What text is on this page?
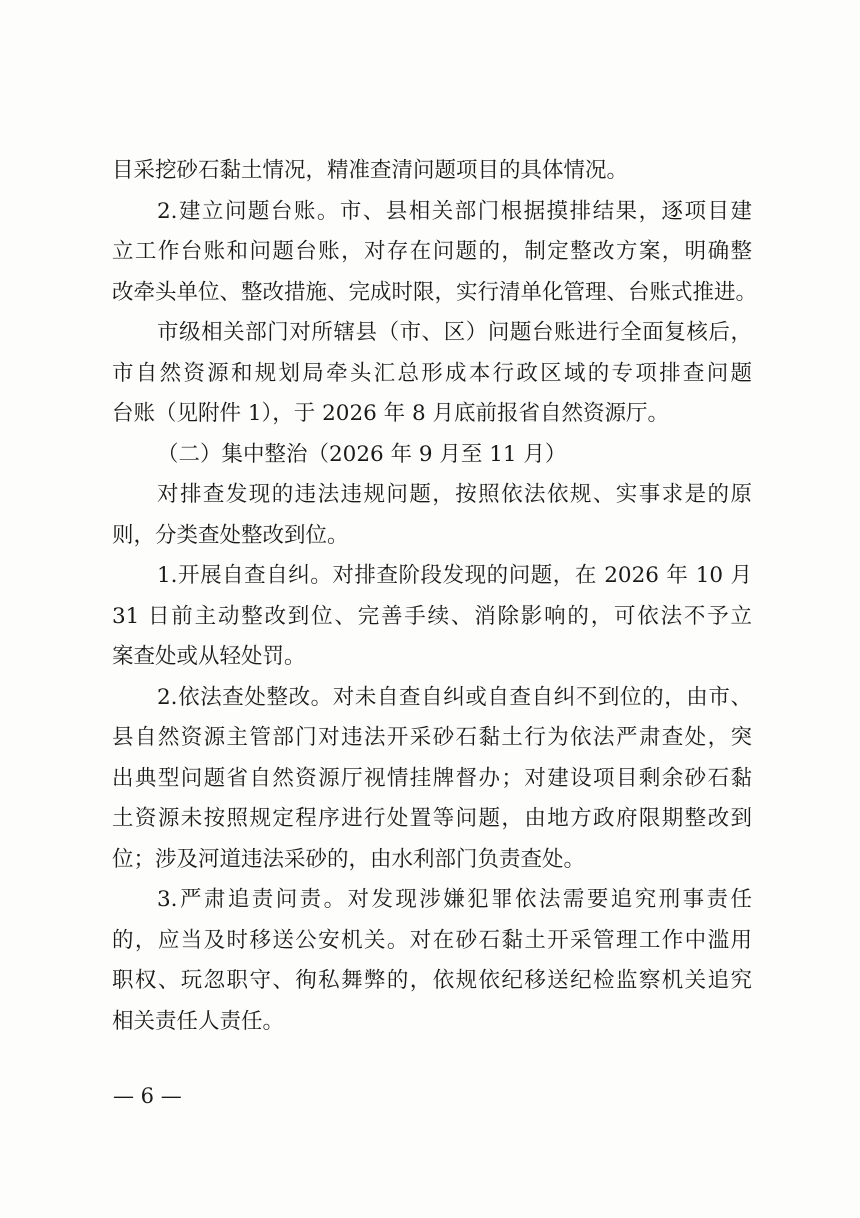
目采挖砂石黏土情况，精准查清问题项目的具体情况。
2.建立问题台账。市、县相关部门根据摸排结果，逐项目建
立工作台账和问题台账，对存在问题的，制定整改方案，明确整
改牵头单位、整改措施、完成时限，实行清单化管理、台账式推进。
市级相关部门对所辖县（市、区）问题台账进行全面复核后，
市自然资源和规划局牵头汇总形成本行政区域的专项排查问题
台账（见附件 1），于 2026 年 8 月底前报省自然资源厅。
（二）集中整治（2026 年 9 月至 11 月）
对排查发现的违法违规问题，按照依法依规、实事求是的原
则，分类查处整改到位。
1.开展自查自纠。对排查阶段发现的问题，在 2026 年 10 月
31 日前主动整改到位、完善手续、消除影响的，可依法不予立
案查处或从轻处罚。
2.依法查处整改。对未自查自纠或自查自纠不到位的，由市、
县自然资源主管部门对违法开采砂石黏土行为依法严肃查处，突
出典型问题省自然资源厅视情挂牌督办；对建设项目剩余砂石黏
土资源未按照规定程序进行处置等问题，由地方政府限期整改到
位；涉及河道违法采砂的，由水利部门负责查处。
3.严肃追责问责。对发现涉嫌犯罪依法需要追究刑事责任
的，应当及时移送公安机关。对在砂石黏土开采管理工作中滥用
职权、玩忽职守、徇私舞弊的，依规依纪移送纪检监察机关追究
相关责任人责任。
— 6 —
